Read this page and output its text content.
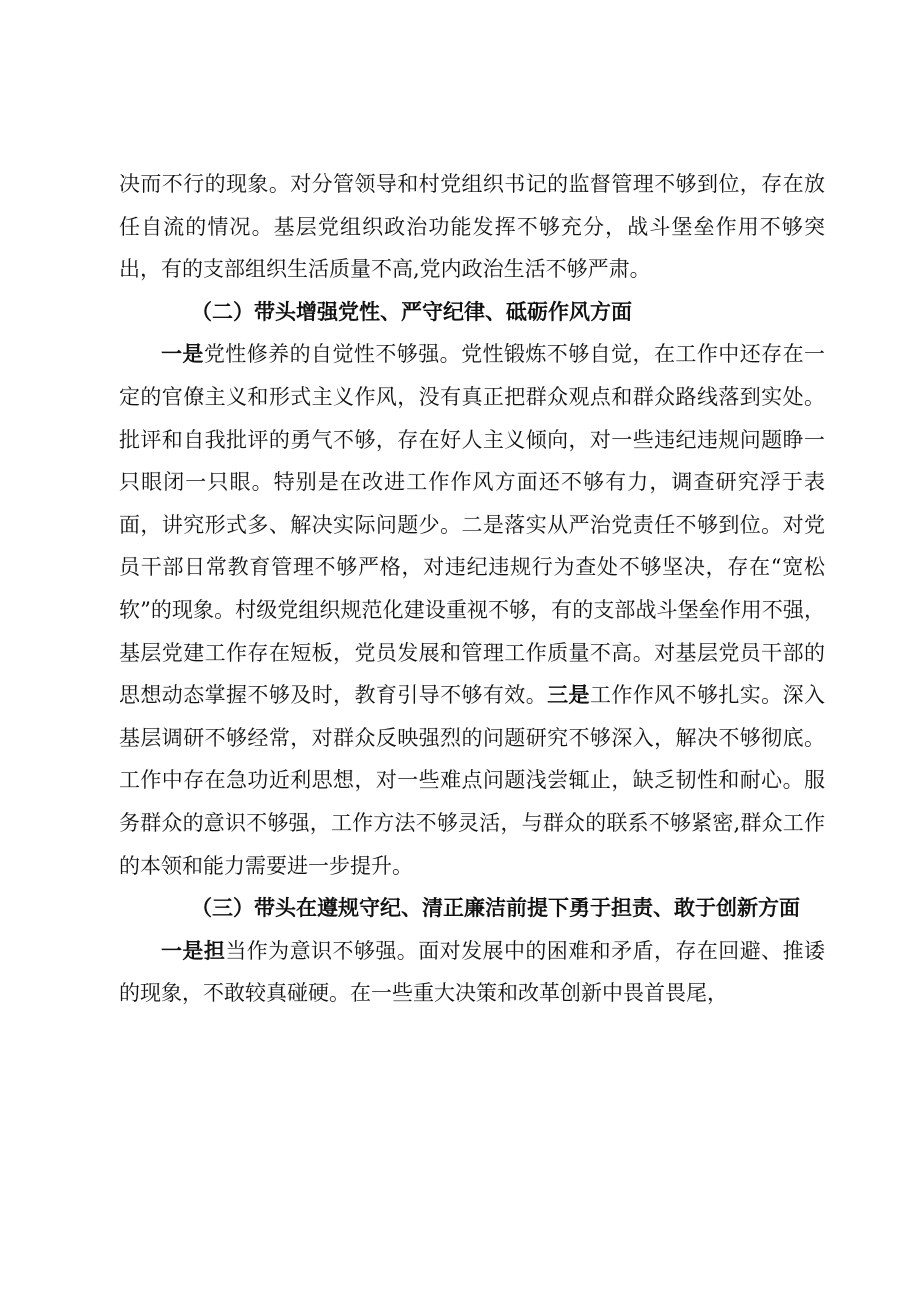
决而不行的现象。对分管领导和村党组织书记的监督管理不够到位，存在放任自流的情况。基层党组织政治功能发挥不够充分，战斗堡垒作用不够突出，有的支部组织生活质量不高,党内政治生活不够严肃。

（二）带头增强党性、严守纪律、砥砺作风方面

一是党性修养的自觉性不够强。党性锻炼不够自觉，在工作中还存在一定的官僚主义和形式主义作风，没有真正把群众观点和群众路线落到实处。批评和自我批评的勇气不够，存在好人主义倾向，对一些违纪违规问题睁一只眼闭一只眼。特别是在改进工作作风方面还不够有力，调查研究浮于表面，讲究形式多、解决实际问题少。二是落实从严治党责任不够到位。对党员干部日常教育管理不够严格，对违纪违规行为查处不够坚决，存在“宽松软”的现象。村级党组织规范化建设重视不够，有的支部战斗堡垒作用不强，基层党建工作存在短板，党员发展和管理工作质量不高。对基层党员干部的思想动态掌握不够及时，教育引导不够有效。三是工作作风不够扎实。深入基层调研不够经常，对群众反映强烈的问题研究不够深入，解决不够彻底。工作中存在急功近利思想，对一些难点问题浅尝辄止，缺乏韧性和耐心。服务群众的意识不够强，工作方法不够灵活，与群众的联系不够紧密,群众工作的本领和能力需要进一步提升。

（三）带头在遵规守纪、清正廉洁前提下勇于担责、敢于创新方面

一是担当作为意识不够强。面对发展中的困难和矛盾，存在回避、推诿的现象，不敢较真碰硬。在一些重大决策和改革创新中畏首畏尾，
